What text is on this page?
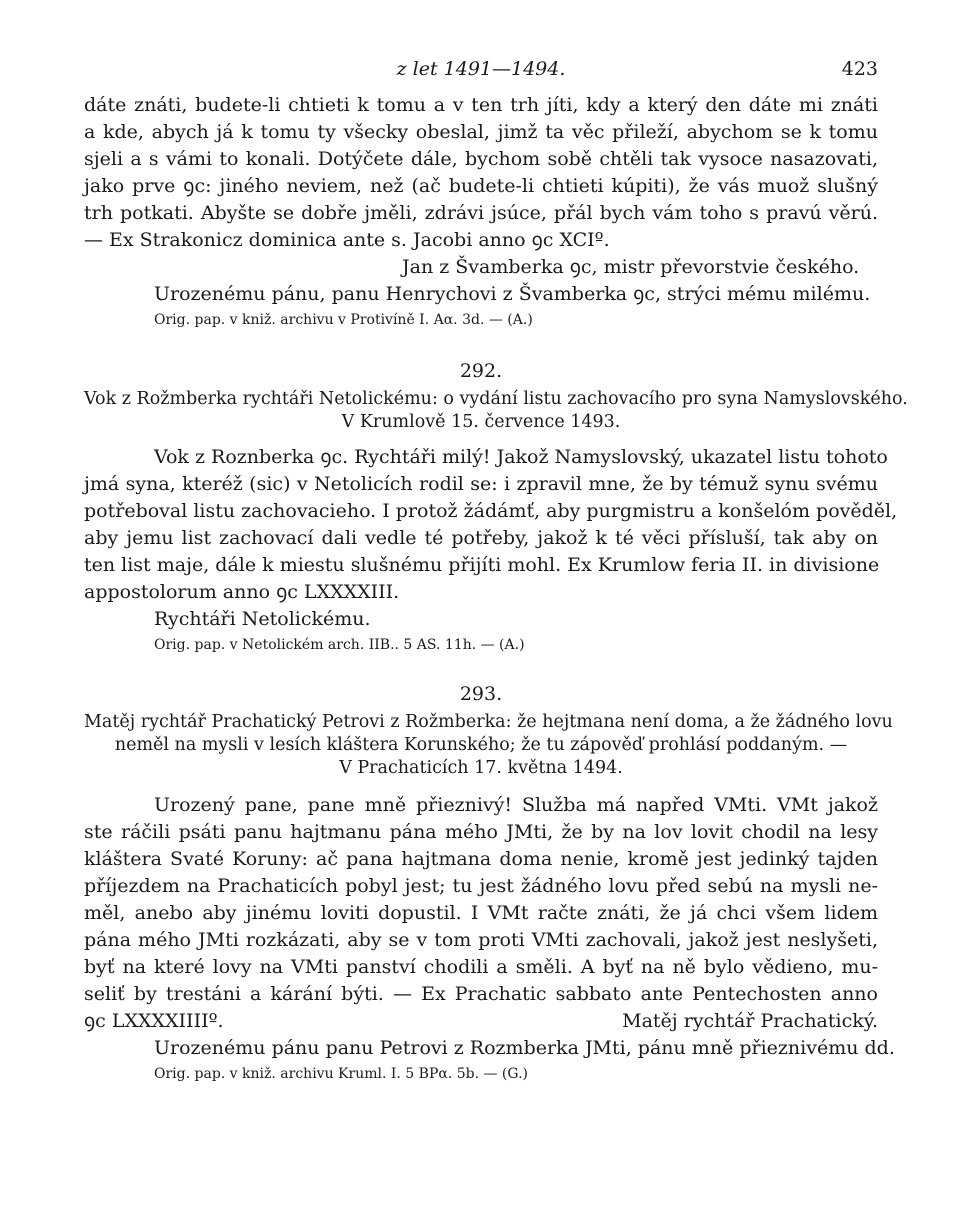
z let 1491—1494.	423

dáte znáti, budete-li chtieti k tomu a v ten trh jíti, kdy a který den dáte mi znáti

a kde, abych já k tomu ty všecky obeslal, jimž ta věc přileží, abychom se k tomu

sjeli a s vámi to konali. Dotýčete dále, bychom sobě chtěli tak vysoce nasazovati,

jako prve ꝯc: jiného neviem, než (ač budete-li chtieti kúpiti), že vás muož slušný

trh potkati. Abyšte se dobře jměli, zdrávi jsúce, přál bych vám toho s pravú věrú.

— Ex Strakonicz dominica ante s. Jacobi anno ꝯc XCIº.

Jan z Švamberka ꝯc, mistr převorstvie českého.

Urozenému pánu, panu Henrychovi z Švamberka ꝯc, strýci mému milému.

Orig. pap. v kniž. archivu v Protivíně I. Aα. 3d. — (A.)

292.

Vok z Rožmberka rychtáři Netolickému: o vydání listu zachovacího pro syna Namyslovského.

V Krumlově 15. července 1493.

Vok z Roznberka ꝯc. Rychtáři milý! Jakož Namyslovský, ukazatel listu tohoto

jmá syna, kteréž (sic) v Netolicích rodil se: i zpravil mne, že by témuž synu svému

potřeboval listu zachovacieho. I protož žádámť, aby purgmistru a konšelóm pověděl,

aby jemu list zachovací dali vedle té potřeby, jakož k té věci přísluší, tak aby on

ten list maje, dále k miestu slušnému přijíti mohl. Ex Krumlow feria II. in divisione

appostolorum anno ꝯc LXXXXIII.

Rychtáři Netolickému.

Orig. pap. v Netolickém arch. IIB.. 5 AS. 11h. — (A.)

293.

Matěj rychtář Prachatický Petrovi z Rožmberka: že hejtmana není doma, a že žádného lovu

neměl na mysli v lesích kláštera Korunského; že tu zápověď prohlásí poddaným. —

V Prachaticích 17. května 1494.

Urozený pane, pane mně přieznivý! Služba má napřed VMti. VMt jakož

ste ráčili psáti panu hajtmanu pána mého JMti, že by na lov lovit chodil na lesy

kláštera Svaté Koruny: ač pana hajtmana doma nenie, kromě jest jedinký tajden

příjezdem na Prachaticích pobyl jest; tu jest žádného lovu před sebú na mysli ne-

měl, anebo aby jinému loviti dopustil. I VMt račte znáti, že já chci všem lidem

pána mého JMti rozkázati, aby se v tom proti VMti zachovali, jakož jest neslyšeti,

byť na které lovy na VMti panství chodili a směli. A byť na ně bylo vědieno, mu-

seliť by trestáni a kárání býti. — Ex Prachatic sabbato ante Pentechosten anno

ꝯc LXXXXIIIIº.	Matěj rychtář Prachatický.

Urozenému pánu panu Petrovi z Rozmberka JMti, pánu mně přieznivému dd.

Orig. pap. v kniž. archivu Kruml. I. 5 BPα. 5b. — (G.)
